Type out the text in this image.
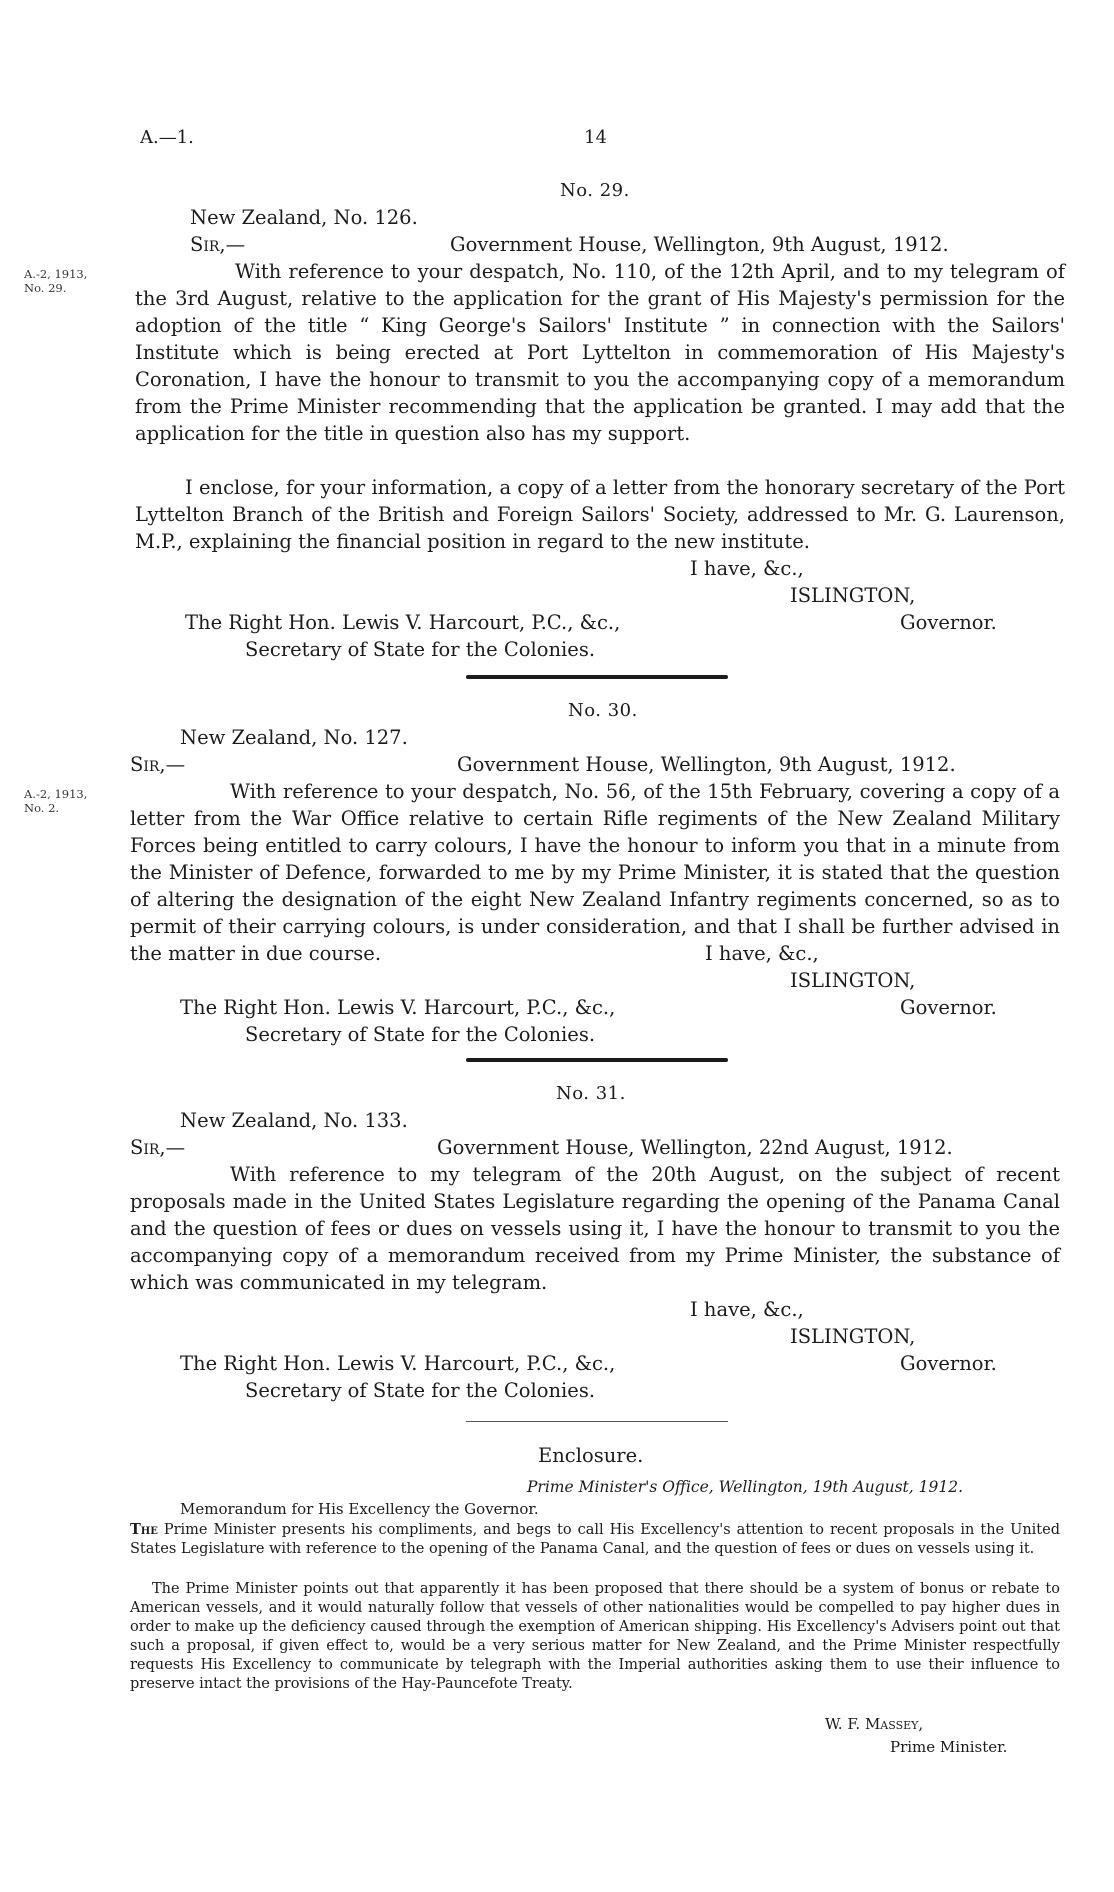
A.—1.	14
No. 29.
New Zealand, No. 126.
Sir,—	Government House, Wellington, 9th August, 1912.
A.-2, 1913,
No. 29.

With reference to your despatch, No. 110, of the 12th April, and to my telegram of the 3rd August, relative to the application for the grant of His Majesty's permission for the adoption of the title “ King George's Sailors' Institute ” in connection with the Sailors' Institute which is being erected at Port Lyttelton in commemoration of His Majesty's Coronation, I have the honour to transmit to you the accompanying copy of a memorandum from the Prime Minister recommending that the application be granted. I may add that the application for the title in question also has my support.

I enclose, for your information, a copy of a letter from the honorary secretary of the Port Lyttelton Branch of the British and Foreign Sailors' Society, addressed to Mr. G. Laurenson, M.P., explaining the financial position in regard to the new institute.

I have, &c.,
ISLINGTON,
Governor.
The Right Hon. Lewis V. Harcourt, P.C., &c.,
Secretary of State for the Colonies.
No. 30.
New Zealand, No. 127.
Sir,—	Government House, Wellington, 9th August, 1912.
A.-2, 1913,
No. 2.

With reference to your despatch, No. 56, of the 15th February, covering a copy of a letter from the War Office relative to certain Rifle regiments of the New Zealand Military Forces being entitled to carry colours, I have the honour to inform you that in a minute from the Minister of Defence, forwarded to me by my Prime Minister, it is stated that the question of altering the designation of the eight New Zealand Infantry regiments concerned, so as to permit of their carrying colours, is under consideration, and that I shall be further advised in the matter in due course.	I have, &c.,
ISLINGTON,
Governor.
The Right Hon. Lewis V. Harcourt, P.C., &c.,
Secretary of State for the Colonies.
No. 31.
New Zealand, No. 133.
Sir,—	Government House, Wellington, 22nd August, 1912.

With reference to my telegram of the 20th August, on the subject of recent proposals made in the United States Legislature regarding the opening of the Panama Canal and the question of fees or dues on vessels using it, I have the honour to transmit to you the accompanying copy of a memorandum received from my Prime Minister, the substance of which was communicated in my telegram.

I have, &c.,
ISLINGTON,
Governor.
The Right Hon. Lewis V. Harcourt, P.C., &c.,
Secretary of State for the Colonies.
Enclosure.
Prime Minister's Office, Wellington, 19th August, 1912.
Memorandum for His Excellency the Governor.

The Prime Minister presents his compliments, and begs to call His Excellency's attention to recent proposals in the United States Legislature with reference to the opening of the Panama Canal, and the question of fees or dues on vessels using it.

The Prime Minister points out that apparently it has been proposed that there should be a system of bonus or rebate to American vessels, and it would naturally follow that vessels of other nationalities would be compelled to pay higher dues in order to make up the deficiency caused through the exemption of American shipping. His Excellency's Advisers point out that such a proposal, if given effect to, would be a very serious matter for New Zealand, and the Prime Minister respectfully requests His Excellency to communicate by telegraph with the Imperial authorities asking them to use their influence to preserve intact the provisions of the Hay-Pauncefote Treaty.

W. F. Massey,
Prime Minister.
